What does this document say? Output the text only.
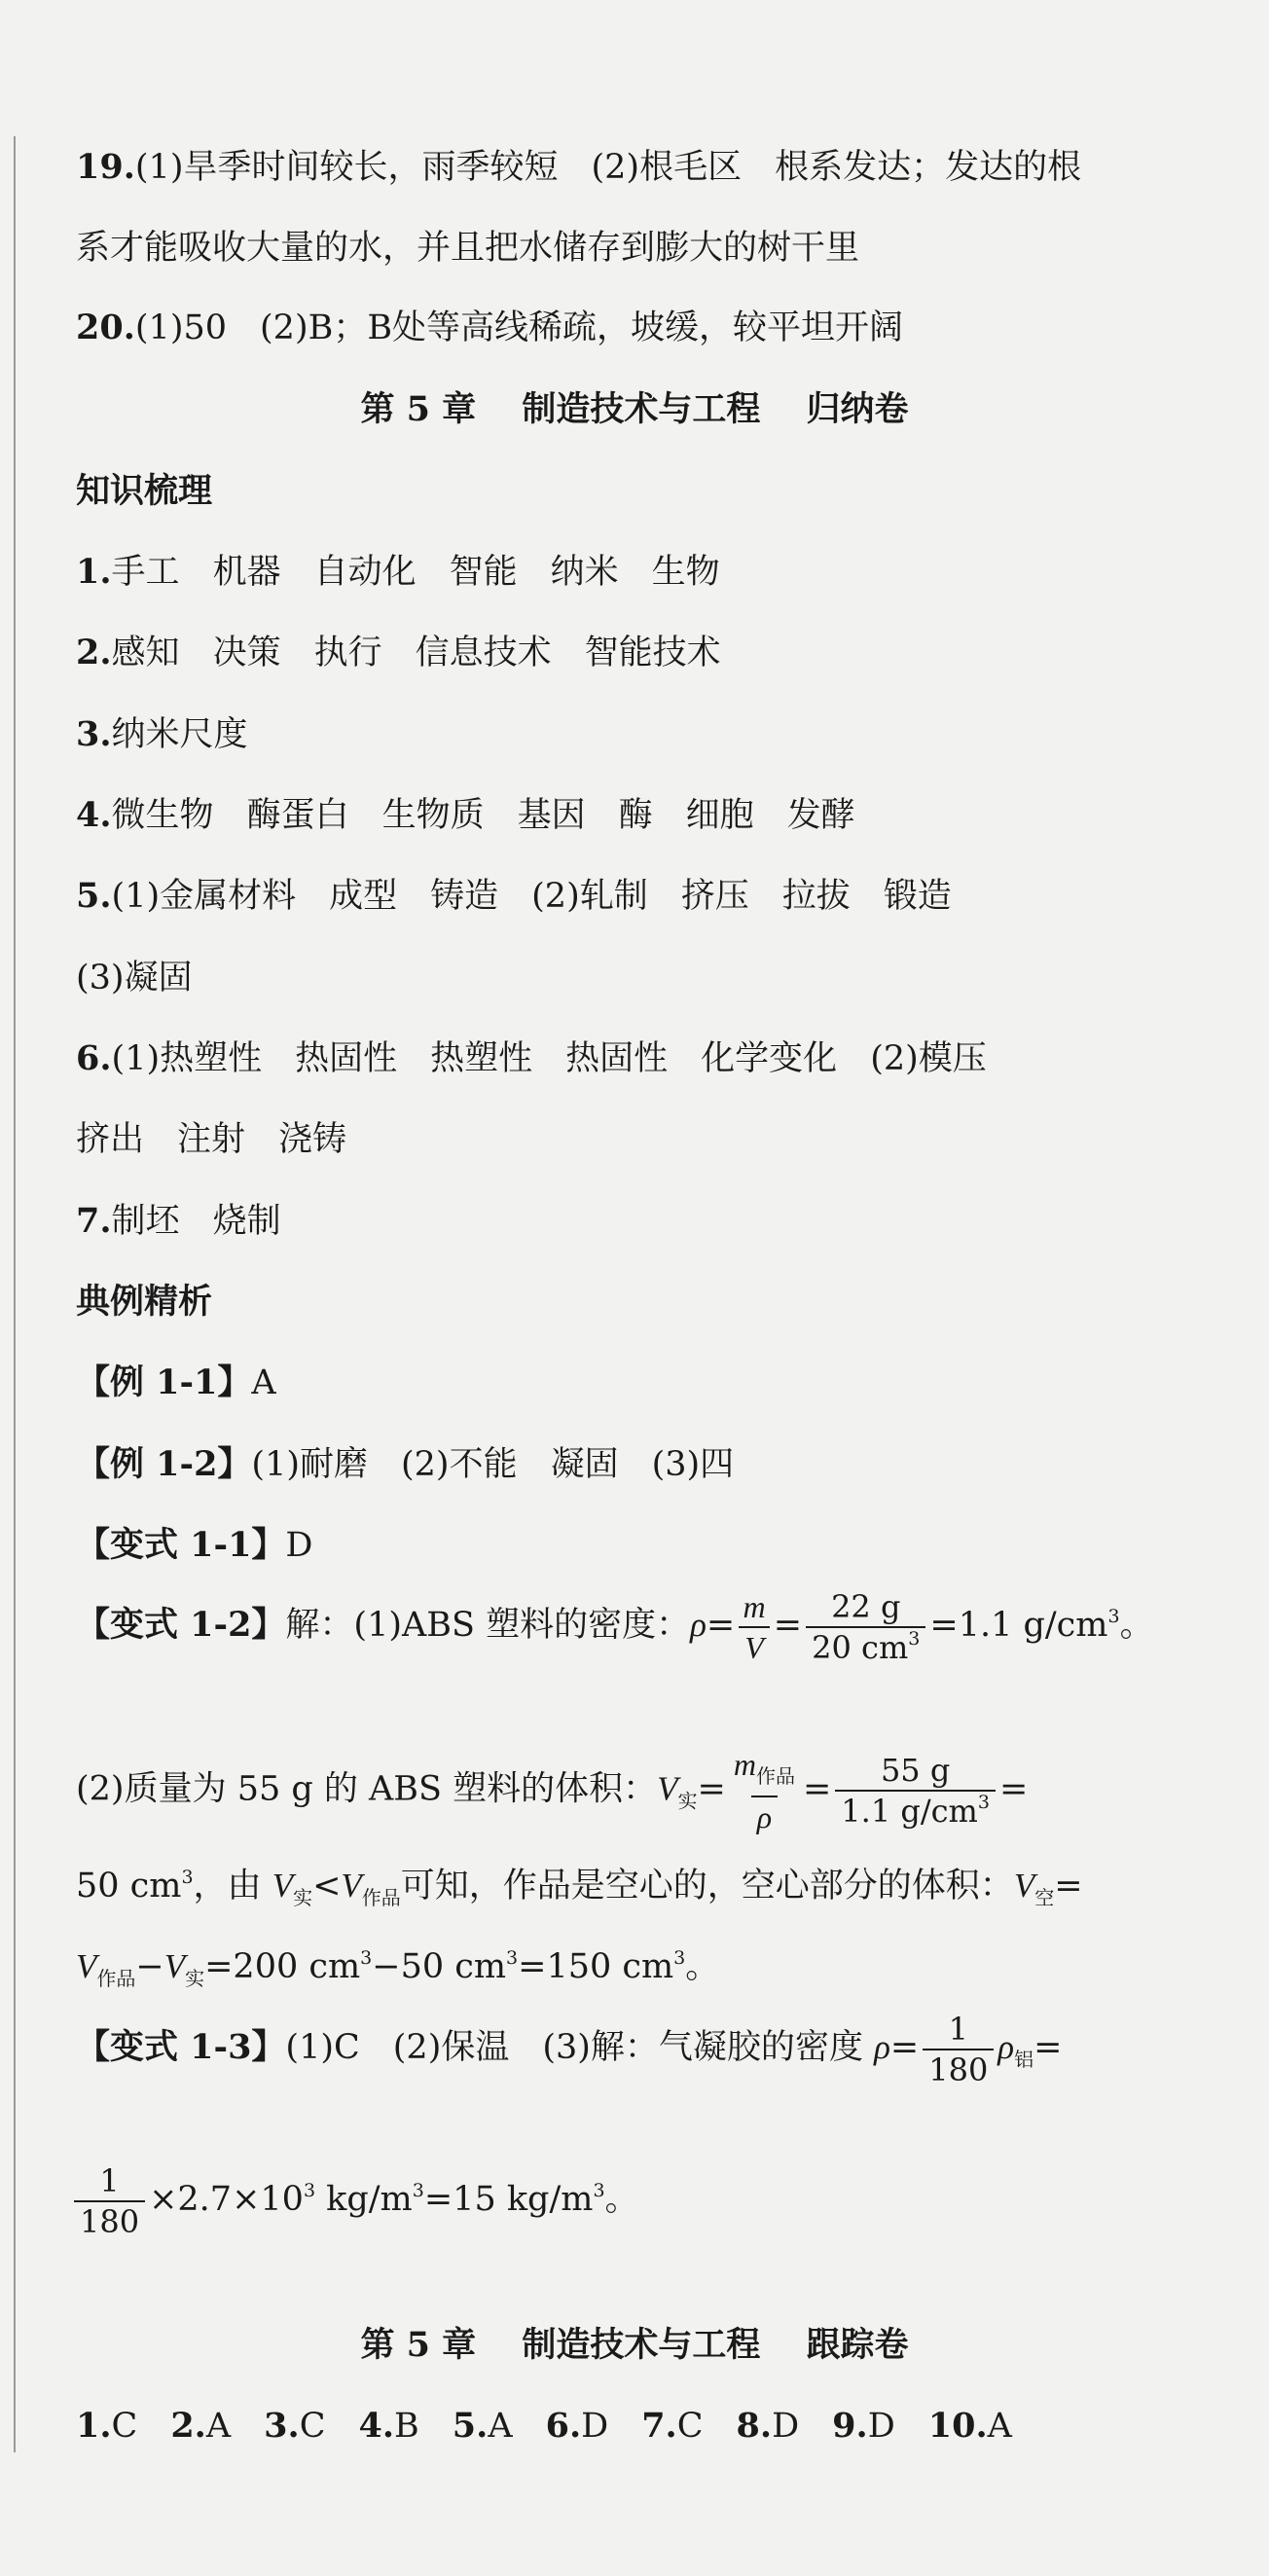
19.(1)旱季时间较长，雨季较短 (2)根毛区 根系发达；发达的根
系才能吸收大量的水，并且把水储存到膨大的树干里
20.(1)50 (2)B；B处等高线稀疏，坡缓，较平坦开阔
第 5 章　 制造技术与工程　 归纳卷
知识梳理
1.手工 机器 自动化 智能 纳米 生物
2.感知 决策 执行 信息技术 智能技术
3.纳米尺度
4.微生物 酶蛋白 生物质 基因 酶 细胞 发酵
5.(1)金属材料 成型 铸造 (2)轧制 挤压 拉拔 锻造
(3)凝固
6.(1)热塑性 热固性 热塑性 热固性 化学变化 (2)模压
挤出 注射 浇铸
7.制坯 烧制
典例精析
【例 1-1】A
【例 1-2】(1)耐磨 (2)不能 凝固 (3)四
【变式 1-1】D
【变式 1-2】解：(1)ABS 塑料的密度：$\rho= \frac{m}{V} = \frac{22 g}{20 cm^3} =1.1$ $g/cm^3$。
(2)质量为 55 g 的 ABS 塑料的体积：$V_实=$
$m_{作品}$
ρ
= $\frac{55 g}{1.1 g/cm^3}$ =
50 $cm^3$，由 $V_实<V_{作品}$可知，作品是空心的，空心部分的体积：$V_空=$
$V_{作品}-V_实=200$ $cm^3-50$ $cm^3=150$ $cm^3$。
【变式 1-3】(1)C (2)保温 (3)解：气凝胶的密度 $\rho= \frac{1}{180} \rho_铝=$
$\frac{1}{180} \times 2.7\times 10^3$ $kg/m^3=15$ $kg/m^3$。
第 5 章　 制造技术与工程　 跟踪卷
1.C 2.A 3.C 4.B 5.A 6.D 7.C 8.D 9.D 10.A
